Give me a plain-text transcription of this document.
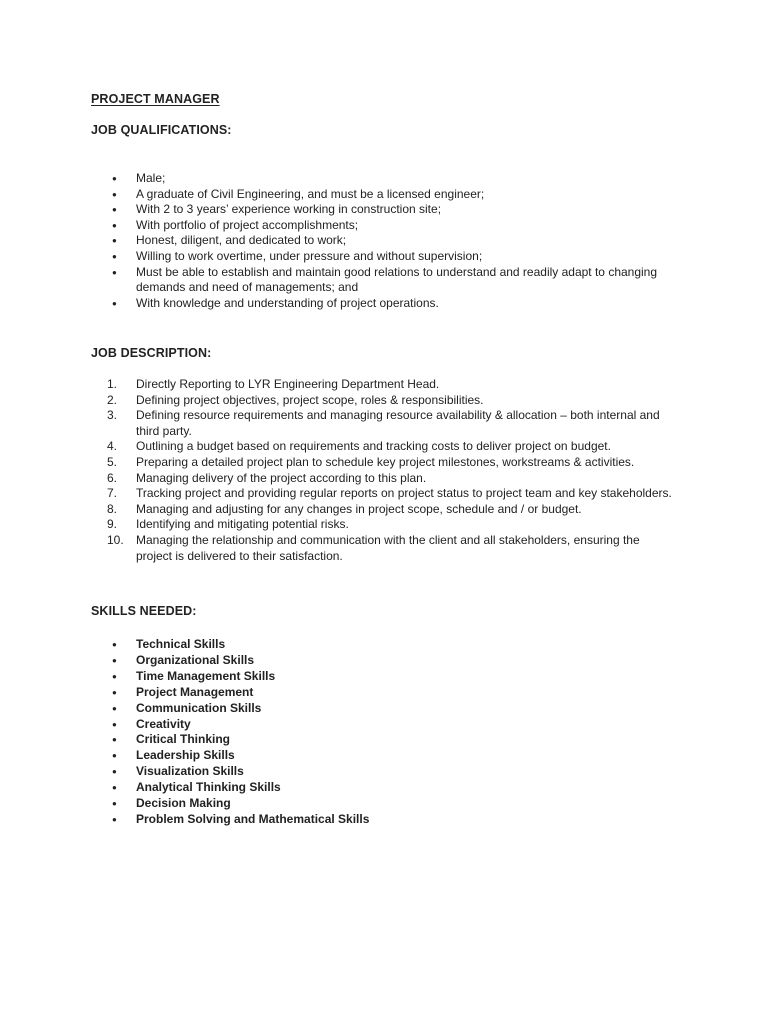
PROJECT MANAGER
JOB QUALIFICATIONS:
● Male;
● A graduate of Civil Engineering, and must be a licensed engineer;
● With 2 to 3 years’ experience working in construction site;
● With portfolio of project accomplishments;
● Honest, diligent, and dedicated to work;
● Willing to work overtime, under pressure and without supervision;
● Must be able to establish and maintain good relations to understand and readily adapt to changing demands and need of managements; and
● With knowledge and understanding of project operations.
JOB DESCRIPTION:
1.	Directly Reporting to LYR Engineering Department Head.
2.	Defining project objectives, project scope, roles & responsibilities.
3.	Defining resource requirements and managing resource availability & allocation – both internal and third party.
4.	Outlining a budget based on requirements and tracking costs to deliver project on budget.
5.	Preparing a detailed project plan to schedule key project milestones, workstreams & activities.
6.	Managing delivery of the project according to this plan.
7.	Tracking project and providing regular reports on project status to project team and key stakeholders.
8.	Managing and adjusting for any changes in project scope, schedule and / or budget.
9.	Identifying and mitigating potential risks.
10.	Managing the relationship and communication with the client and all stakeholders, ensuring the project is delivered to their satisfaction.
SKILLS NEEDED:
● Technical Skills
● Organizational Skills
● Time Management Skills
● Project Management
● Communication Skills
● Creativity
● Critical Thinking
● Leadership Skills
● Visualization Skills
● Analytical Thinking Skills
● Decision Making
● Problem Solving and Mathematical Skills
